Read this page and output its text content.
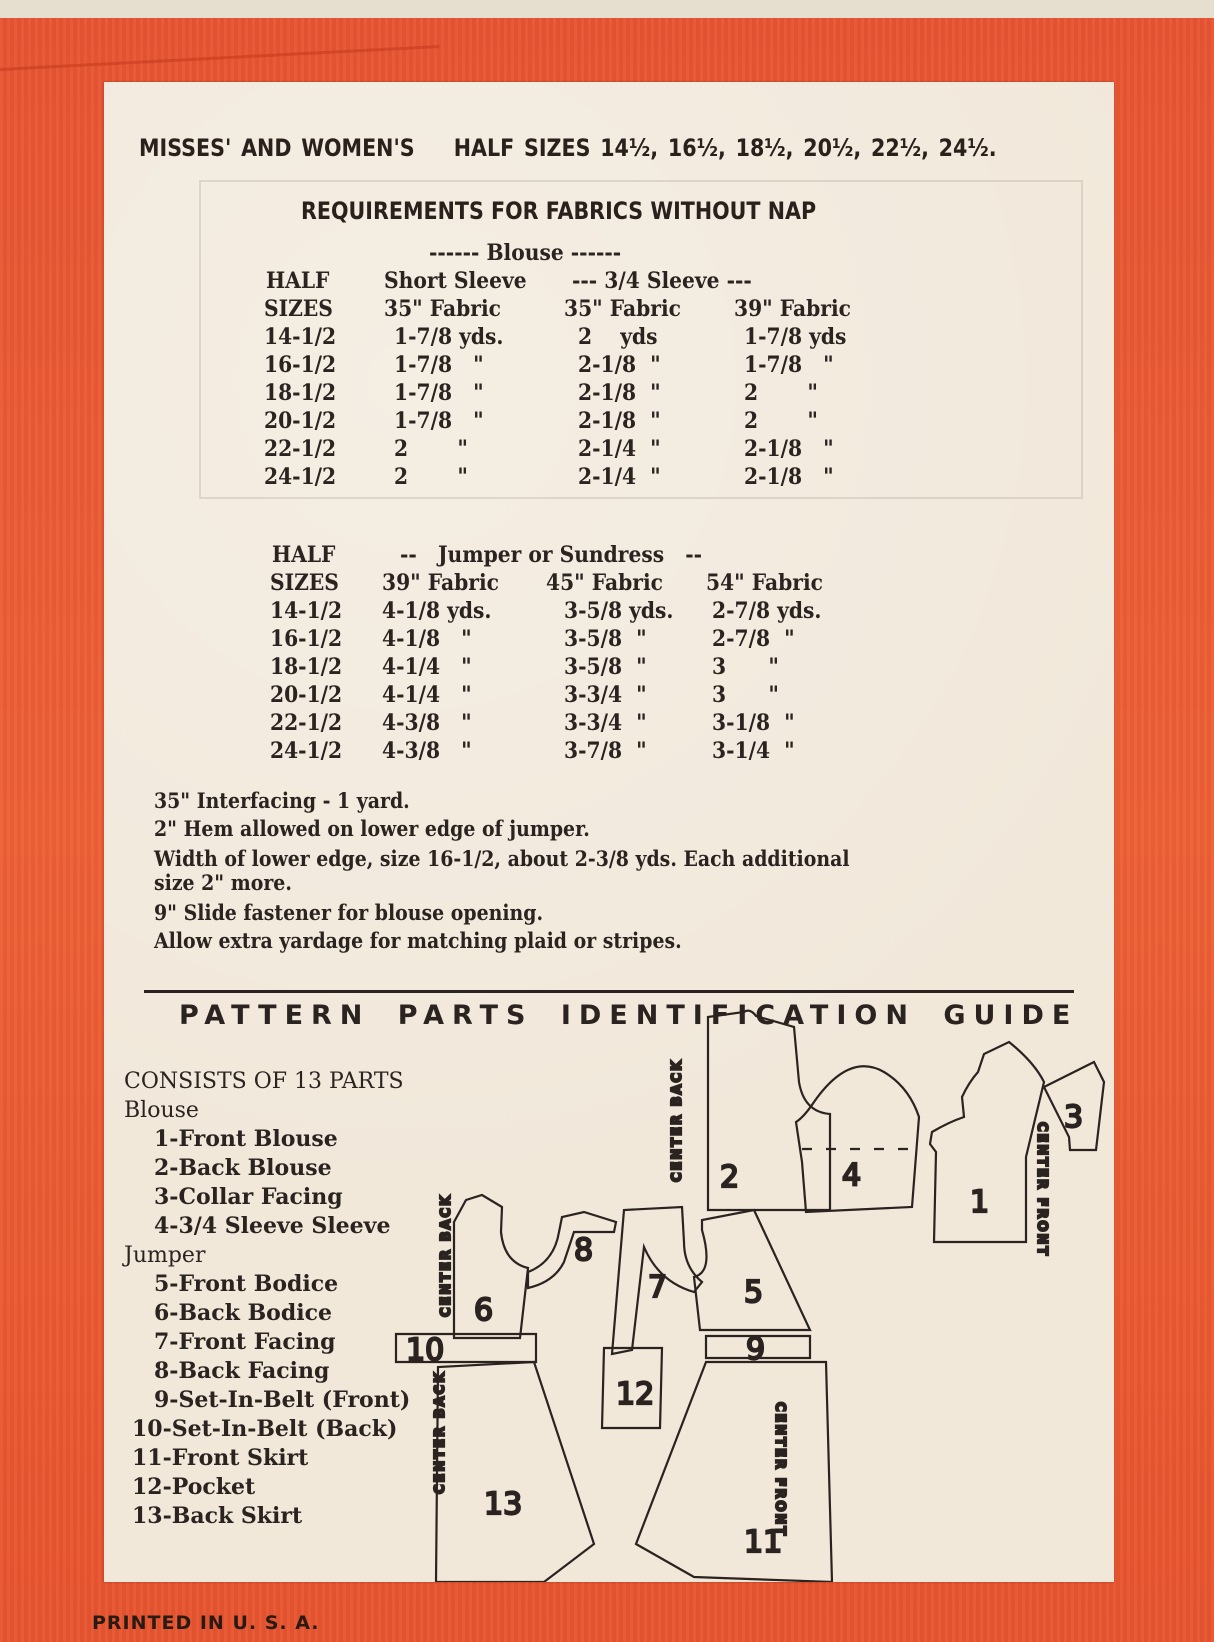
MISSES' AND WOMEN'S HALF SIZES 14½, 16½, 18½, 20½, 22½, 24½.
REQUIREMENTS FOR FABRICS WITHOUT NAP
------ Blouse ------
HALF Short Sleeve --- 3/4 Sleeve ---
SIZES 35" Fabric	35" Fabric 39" Fabric
14-1/2	1-7/8 yds.	2    yds	1-7/8 yds
16-1/2	1-7/8   "	2-1/8  "	1-7/8   "
18-1/2	1-7/8   "	2-1/8  "	2       "
20-1/2	1-7/8   "	2-1/8  "	2       "
22-1/2	2       "	2-1/4  "	2-1/8   "
24-1/2	2       "	2-1/4  "	2-1/8   "
HALF	--   Jumper or Sundress   --
SIZES 39" Fabric 45" Fabric 54" Fabric
14-1/2 4-1/8 yds.	3-5/8 yds. 2-7/8 yds.
16-1/2 4-1/8   "	3-5/8  "	2-7/8  "
18-1/2 4-1/4   "	3-5/8  "	3      "
20-1/2 4-1/4   "	3-3/4  "	3      "
22-1/2 4-3/8   "	3-3/4  "	3-1/8  "
24-1/2 4-3/8   "	3-7/8  "	3-1/4  "
35" Interfacing - 1 yard.
2" Hem allowed on lower edge of jumper.
Width of lower edge, size 16-1/2, about 2-3/8 yds. Each additional
size 2" more.
9" Slide fastener for blouse opening.
Allow extra yardage for matching plaid or stripes.
PATTERN PARTS IDENTIFICATION GUIDE
CONSISTS OF 13 PARTS
Blouse
1-Front Blouse
2-Back Blouse
3-Collar Facing
4-3/4 Sleeve Sleeve
Jumper
5-Front Bodice
6-Back Bodice
7-Front Facing
8-Back Facing
9-Set-In-Belt (Front)
10-Set-In-Belt (Back)
11-Front Skirt
12-Pocket
13-Back Skirt
2
CENTER BACK	4
1	CENTER FRONT
3
6
CENTER BACK	8
7	5
10	9
13
CENTER BACK	12
11
CENTER FRONT
PRINTED IN U. S. A.
